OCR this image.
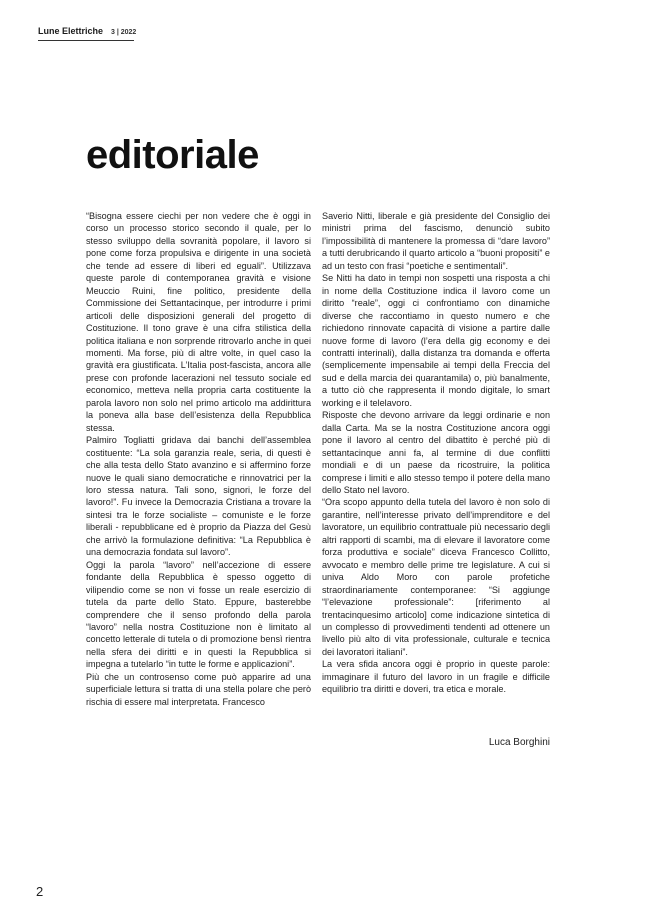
Lune Elettriche 3 | 2022
editoriale

“Bisogna essere ciechi per non vedere che è oggi in corso un processo storico secondo il quale, per lo stesso sviluppo della sovranità popolare, il lavoro si pone come forza propulsiva e dirigente in una società che tende ad essere di liberi ed eguali”. Utilizzava queste parole di contemporanea gravità e visione Meuccio Ruini, fine politico, presidente della Commissione dei Settantacinque, per introdurre i primi articoli delle disposizioni generali del progetto di Costituzione. Il tono grave è una cifra stilistica della politica italiana e non sorprende ritrovarlo anche in quei momenti. Ma forse, più di altre volte, in quel caso la gravità era giustificata. L’Italia post-fascista, ancora alle prese con profonde lacerazioni nel tessuto sociale ed economico, metteva nella propria carta costituente la parola lavoro non solo nel primo articolo ma addirittura la poneva alla base dell’esistenza della Repubblica stessa.

Palmiro Togliatti gridava dai banchi dell’assemblea costituente: “La sola garanzia reale, seria, di questi è che alla testa dello Stato avanzino e si affermino forze nuove le quali siano democratiche e rinnovatrici per la loro stessa natura. Tali sono, signori, le forze del lavoro!”. Fu invece la Democrazia Cristiana a trovare la sintesi tra le forze socialiste – comuniste e le forze liberali - repubblicane ed è proprio da Piazza del Gesù che arrivò la formulazione definitiva: “La Repubblica è una democrazia fondata sul lavoro”.

Oggi la parola “lavoro” nell’accezione di essere fondante della Repubblica è spesso oggetto di vilipendio come se non vi fosse un reale esercizio di tutela da parte dello Stato. Eppure, basterebbe comprendere che il senso profondo della parola “lavoro” nella nostra Costituzione non è limitato al concetto letterale di tutela o di promozione bensì rientra nella sfera dei diritti e in questi la Repubblica si impegna a tutelarlo “in tutte le forme e applicazioni”.

Più che un controsenso come può apparire ad una superficiale lettura si tratta di una stella polare che però rischia di essere mal interpretata. Francesco

Saverio Nitti, liberale e già presidente del Consiglio dei ministri prima del fascismo, denunciò subito l’impossibilità di mantenere la promessa di “dare lavoro” a tutti derubricando il quarto articolo a “buoni propositi” e ad un testo con frasi “poetiche e sentimentali”.

Se Nitti ha dato in tempi non sospetti una risposta a chi in nome della Costituzione indica il lavoro come un diritto “reale”, oggi ci confrontiamo con dinamiche diverse che raccontiamo in questo numero e che richiedono rinnovate capacità di visione a partire dalle nuove forme di lavoro (l’era della gig economy e dei contratti interinali), dalla distanza tra domanda e offerta (semplicemente impensabile ai tempi della Freccia del sud e della marcia dei quarantamila) o, più banalmente, a tutto ciò che rappresenta il mondo digitale, lo smart working e il telelavoro.

Risposte che devono arrivare da leggi ordinarie e non dalla Carta. Ma se la nostra Costituzione ancora oggi pone il lavoro al centro del dibattito è perché più di settantacinque anni fa, al termine di due conflitti mondiali e di un paese da ricostruire, la politica comprese i limiti e allo stesso tempo il potere della mano dello Stato nel lavoro.

“Ora scopo appunto della tutela del lavoro è non solo di garantire, nell’interesse privato dell’imprenditore e del lavoratore, un equilibrio contrattuale più necessario degli altri rapporti di scambi, ma di elevare il lavoratore come forza produttiva e sociale” diceva Francesco Collitto, avvocato e membro delle prime tre legislature. A cui si univa Aldo Moro con parole profetiche straordinariamente contemporanee: “Si aggiunge “l’elevazione professionale”: [riferimento al trentacinquesimo articolo] come indicazione sintetica di un complesso di provvedimenti tendenti ad ottenere un livello più alto di vita professionale, culturale e tecnica dei lavoratori italiani”.

La vera sfida ancora oggi è proprio in queste parole: immaginare il futuro del lavoro in un fragile e difficile equilibrio tra diritti e doveri, tra etica e morale.

Luca Borghini
2
